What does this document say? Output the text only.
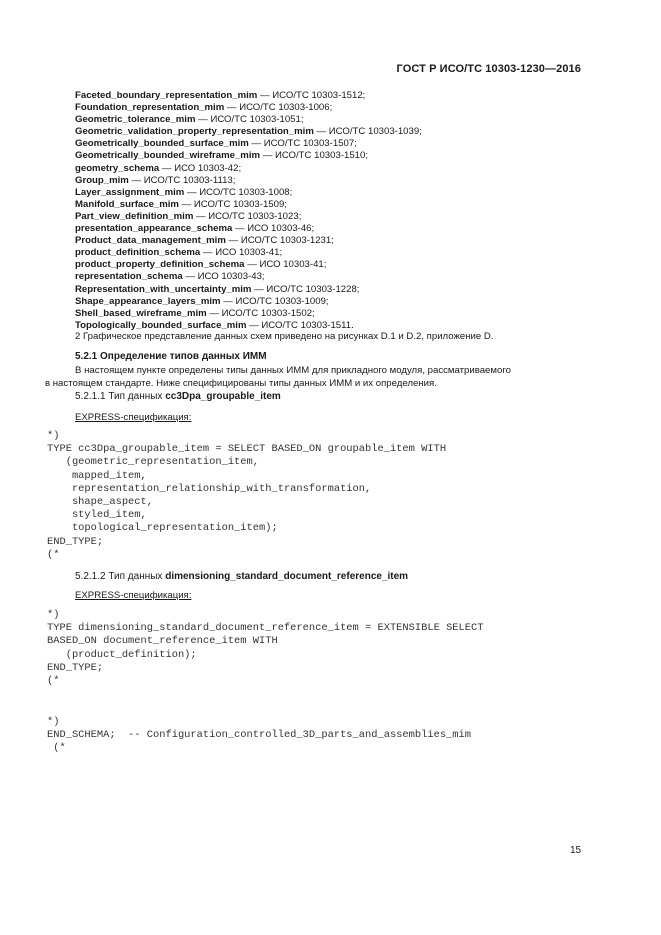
ГОСТ Р ИСО/ТС 10303-1230—2016
Faceted_boundary_representation_mim — ИСО/ТС 10303-1512;
Foundation_representation_mim — ИСО/ТС 10303-1006;
Geometric_tolerance_mim — ИСО/ТС 10303-1051;
Geometric_validation_property_representation_mim — ИСО/ТС 10303-1039;
Geometrically_bounded_surface_mim — ИСО/ТС 10303-1507;
Geometrically_bounded_wireframe_mim — ИСО/ТС 10303-1510;
geometry_schema — ИСО 10303-42;
Group_mim — ИСО/ТС 10303-1113;
Layer_assignment_mim — ИСО/ТС 10303-1008;
Manifold_surface_mim — ИСО/ТС 10303-1509;
Part_view_definition_mim — ИСО/ТС 10303-1023;
presentation_appearance_schema — ИСО 10303-46;
Product_data_management_mim — ИСО/ТС 10303-1231;
product_definition_schema — ИСО 10303-41;
product_property_definition_schema — ИСО 10303-41;
representation_schema — ИСО 10303-43;
Representation_with_uncertainty_mim — ИСО/ТС 10303-1228;
Shape_appearance_layers_mim — ИСО/ТС 10303-1009;
Shell_based_wireframe_mim — ИСО/ТС 10303-1502;
Topologically_bounded_surface_mim — ИСО/ТС 10303-1511.
2 Графическое представление данных схем приведено на рисунках D.1 и D.2, приложение D.
5.2.1 Определение типов данных ИММ
В настоящем пункте определены типы данных ИММ для прикладного модуля, рассматриваемого
в настоящем стандарте. Ниже специфицированы типы данных ИММ и их определения.
5.2.1.1 Тип данных cc3Dpa_groupable_item
EXPRESS-спецификация:
*)
TYPE cc3Dpa_groupable_item = SELECT BASED_ON groupable_item WITH
(geometric_representation_item,
mapped_item,
representation_relationship_with_transformation,
shape_aspect,
styled_item,
topological_representation_item);
END_TYPE;
(*
5.2.1.2 Тип данных dimensioning_standard_document_reference_item
EXPRESS-спецификация:
*)
TYPE dimensioning_standard_document_reference_item = EXTENSIBLE SELECT
BASED_ON document_reference_item WITH
(product_definition);
END_TYPE;
(*
*)
END_SCHEMA;  -- Configuration_controlled_3D_parts_and_assemblies_mim
(*
15
